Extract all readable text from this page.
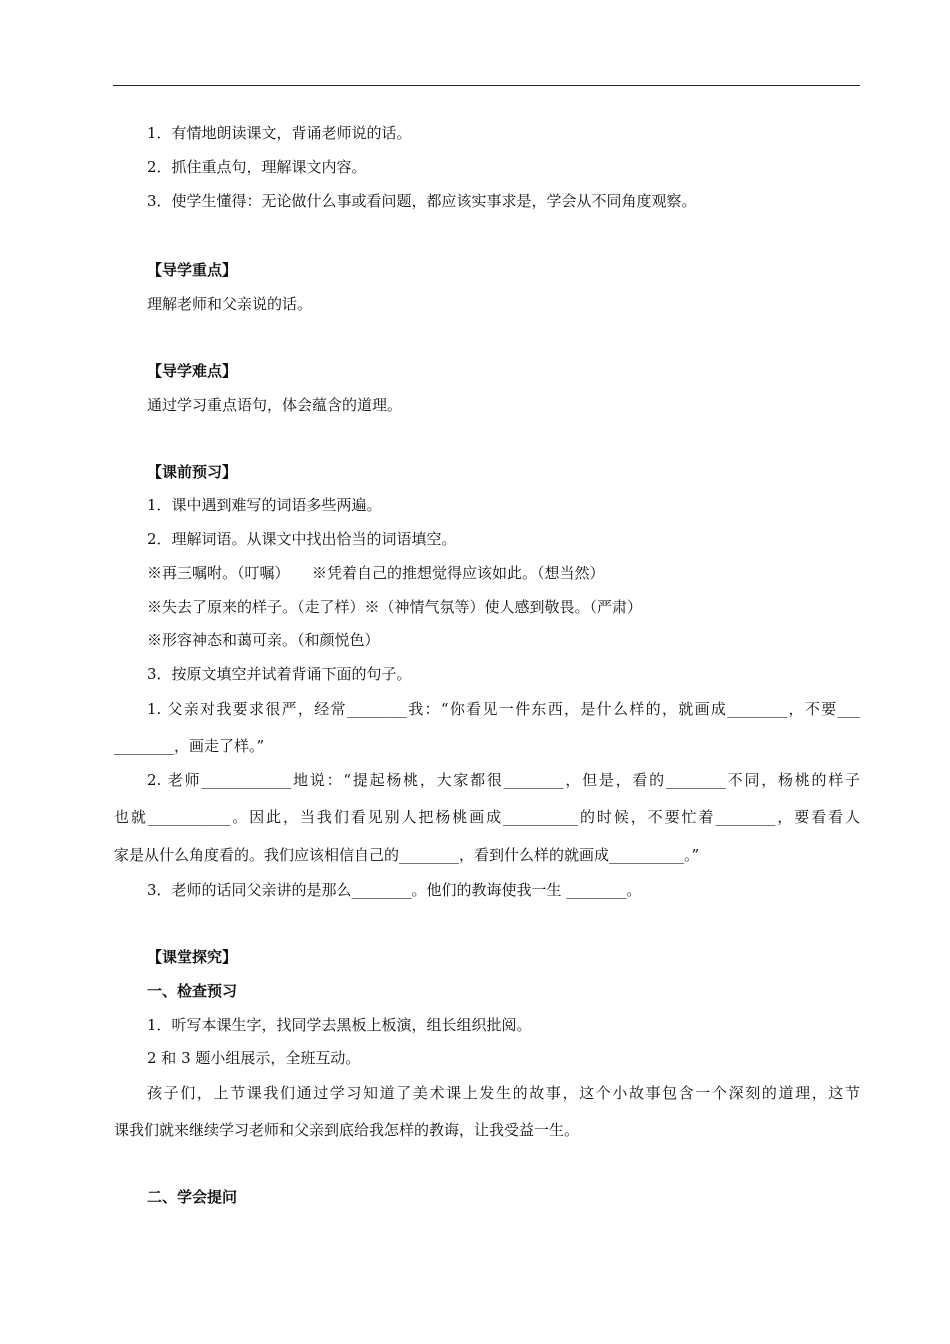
1．有情地朗读课文，背诵老师说的话。
2．抓住重点句，理解课文内容。
3．使学生懂得：无论做什么事或看问题，都应该实事求是，学会从不同角度观察。
【导学重点】
理解老师和父亲说的话。
【导学难点】
通过学习重点语句，体会蕴含的道理。
【课前预习】
1．课中遇到难写的词语多些两遍。
2．理解词语。从课文中找出恰当的词语填空。
※再三嘱咐。（叮嘱）　　※凭着自己的推想觉得应该如此。（想当然）
※失去了原来的样子。（走了样）※（神情气氛等）使人感到敬畏。（严肃）
※形容神态和蔼可亲。（和颜悦色）
3．按原文填空并试着背诵下面的句子。
1. 父亲对我要求很严，经常________我：“你看见一件东西，是什么样的，就画成________，不要___
________，画走了样。”
2. 老师____________地说：“提起杨桃，大家都很________，但是，看的________不同，杨桃的样子
也就___________。因此，当我们看见别人把杨桃画成__________的时候，不要忙着________，要看看人
家是从什么角度看的。我们应该相信自己的________，看到什么样的就画成__________。”
3．老师的话同父亲讲的是那么________。他们的教诲使我一生 ________。
【课堂探究】
一、检查预习
1．听写本课生字，找同学去黑板上板演，组长组织批阅。
2 和 3 题小组展示，全班互动。
孩子们，上节课我们通过学习知道了美术课上发生的故事，这个小故事包含一个深刻的道理，这节
课我们就来继续学习老师和父亲到底给我怎样的教诲，让我受益一生。
二、学会提问
